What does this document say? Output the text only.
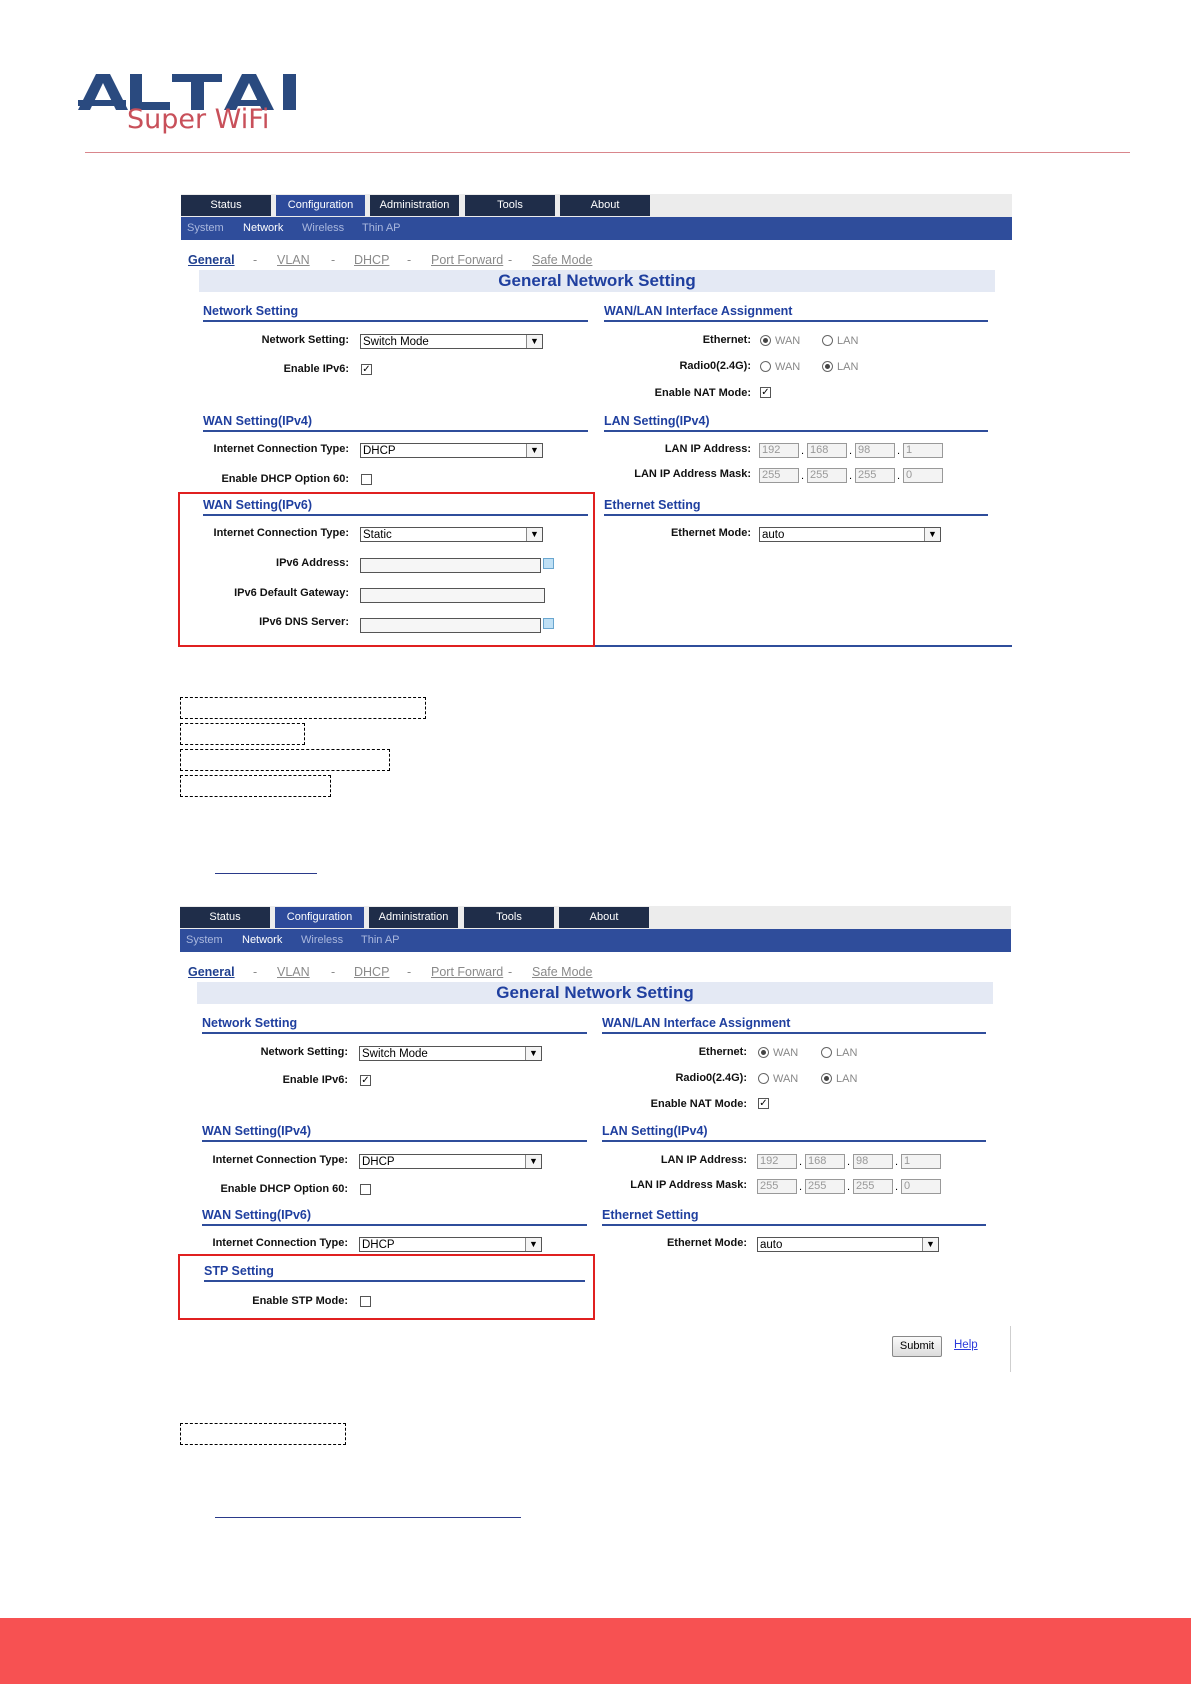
Super WiFi
Status	Configuration	Administration	Tools	About
System Network Wireless Thin AP
General - VLAN - DHCP - Port Forward - Safe Mode
General Network Setting
Network Setting
Network Setting: Switch Mode	▼
Enable IPv6: ✓
WAN Setting(IPv4)
Internet Connection Type: DHCP	▼
Enable DHCP Option 60:
WAN Setting(IPv6)
Internet Connection Type: Static	▼
IPv6 Address:
IPv6 Default Gateway:
IPv6 DNS Server:
WAN/LAN Interface Assignment
Ethernet: WAN	LAN
Radio0(2.4G): WAN	LAN
Enable NAT Mode: ✓
LAN Setting(IPv4)
LAN IP Address: 192	. 168	. 98	. 1
LAN IP Address Mask: 255	. 255	. 255	. 0
Ethernet Setting
Ethernet Mode: auto	▼
Status	Configuration	Administration	Tools	About
System Network Wireless Thin AP
General - VLAN - DHCP - Port Forward - Safe Mode
General Network Setting
Network Setting
Network Setting: Switch Mode	▼
Enable IPv6: ✓
WAN Setting(IPv4)
Internet Connection Type: DHCP	▼
Enable DHCP Option 60:
WAN Setting(IPv6)
Internet Connection Type: DHCP	▼
STP Setting
Enable STP Mode:
WAN/LAN Interface Assignment
Ethernet: WAN	LAN
Radio0(2.4G): WAN	LAN
Enable NAT Mode: ✓
LAN Setting(IPv4)
LAN IP Address: 192	. 168	. 98	. 1
LAN IP Address Mask: 255	. 255	. 255	. 0
Ethernet Setting
Ethernet Mode: auto	▼
Submit	Help
